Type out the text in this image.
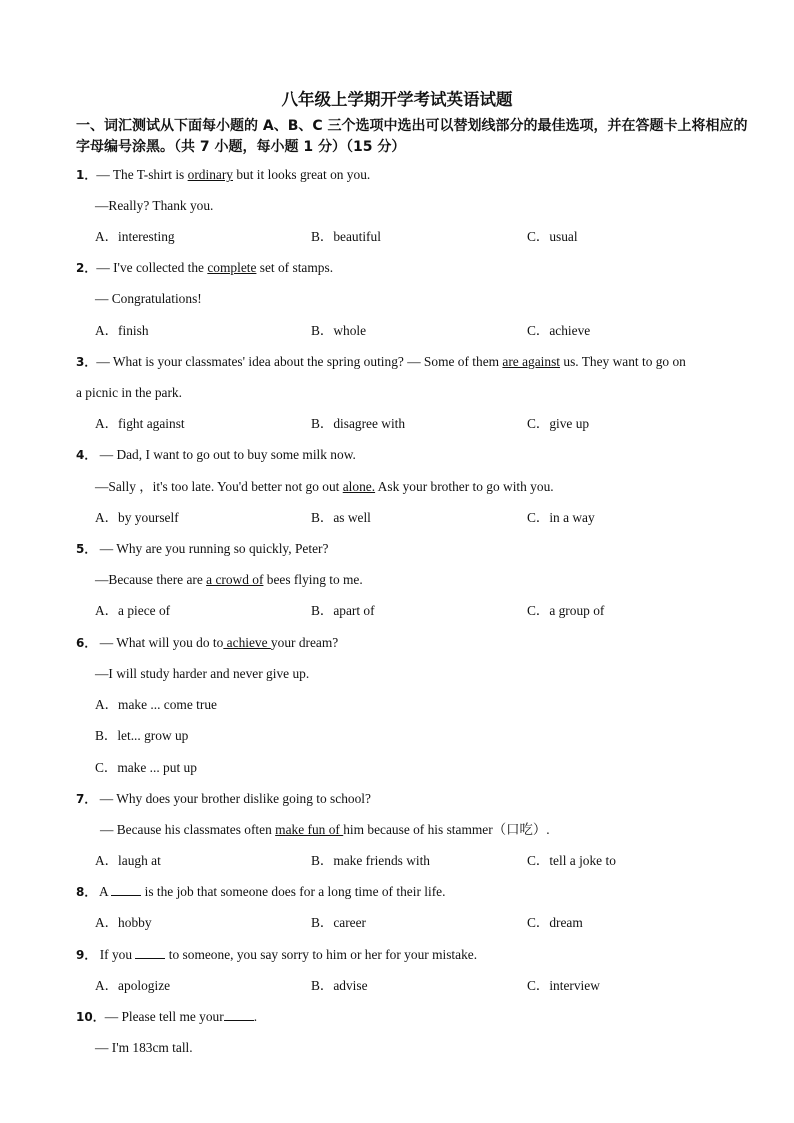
八年级上学期开学考试英语试题
一、词汇测试从下面每小题的 A、B、C 三个选项中选出可以替划线部分的最佳选项，并在答题卡上将相应的字母编号涂黑。（共 7 小题，每小题 1 分）（15 分）
1．— The T-shirt is ordinary but it looks great on you.
—Really? Thank you.
A．interesting	B．beautiful	C．usual
2．— I've collected the complete set of stamps.
— Congratulations!
A．finish	B．whole	C．achieve
3．— What is your classmates' idea about the spring outing? — Some of them are against us. They want to go on
a picnic in the park.
A．fight against	B．disagree with	C．give up
4． — Dad, I want to go out to buy some milk now.
—Sally ，it's too late. You'd better not go out alone. Ask your brother to go with you.
A．by yourself	B．as well	C．in a way
5． — Why are you running so quickly, Peter?
—Because there are a crowd of bees flying to me.
A．a piece of	B．apart of	C．a group of
6． — What will you do to achieve your dream?
—I will study harder and never give up.
A．make ... come true
B．let... grow up
C．make ... put up
7． — Why does your brother dislike going to school?
— Because his classmates often make fun of him because of his stammer（口吃）.
A．laugh at	B．make friends with	C．tell a joke to
8． A  is the job that someone does for a long time of their life.
A．hobby	B．career	C．dream
9． If you  to someone, you say sorry to him or her for your mistake.
A．apologize	B．advise	C．interview
10．— Please tell me your .
— I'm 183cm tall.
